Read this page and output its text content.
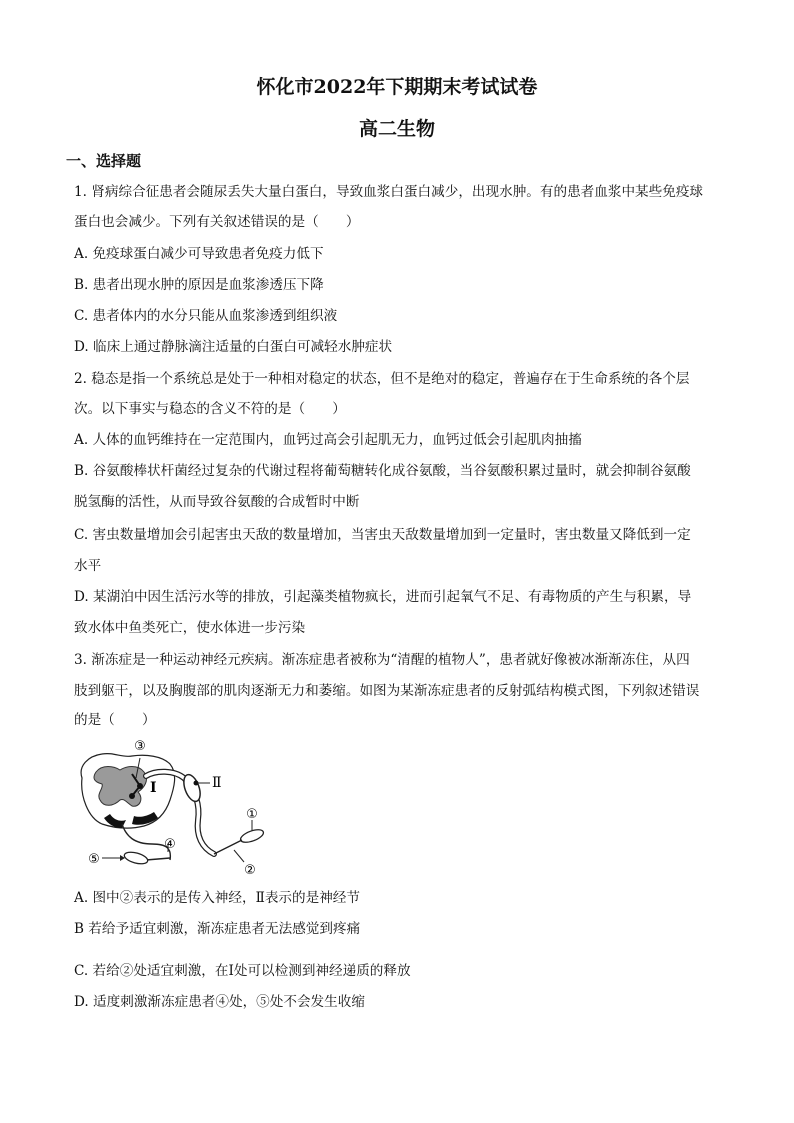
怀化市2022年下期期末考试试卷
高二生物
一、选择题
1. 肾病综合征患者会随尿丢失大量白蛋白，导致血浆白蛋白减少，出现水肿。有的患者血浆中某些免疫球
蛋白也会减少。下列有关叙述错误的是（　　）
A. 免疫球蛋白减少可导致患者免疫力低下
B. 患者出现水肿的原因是血浆渗透压下降
C. 患者体内的水分只能从血浆渗透到组织液
D. 临床上通过静脉滴注适量的白蛋白可减轻水肿症状
2. 稳态是指一个系统总是处于一种相对稳定的状态，但不是绝对的稳定，普遍存在于生命系统的各个层
次。以下事实与稳态的含义不符的是（　　）
A. 人体的血钙维持在一定范围内，血钙过高会引起肌无力，血钙过低会引起肌肉抽搐
B. 谷氨酸棒状杆菌经过复杂的代谢过程将葡萄糖转化成谷氨酸，当谷氨酸积累过量时，就会抑制谷氨酸
脱氢酶的活性，从而导致谷氨酸的合成暂时中断
C. 害虫数量增加会引起害虫天敌的数量增加，当害虫天敌数量增加到一定量时，害虫数量又降低到一定
水平
D. 某湖泊中因生活污水等的排放，引起藻类植物疯长，进而引起氧气不足、有毒物质的产生与积累，导
致水体中鱼类死亡，使水体进一步污染
3. 渐冻症是一种运动神经元疾病。渐冻症患者被称为“清醒的植物人”，患者就好像被冰渐渐冻住，从四
肢到躯干，以及胸腹部的肌肉逐渐无力和萎缩。如图为某渐冻症患者的反射弧结构模式图，下列叙述错误
的是（　　）
③
Ⅰ	Ⅱ
①
②
④
⑤
A. 图中②表示的是传入神经，Ⅱ表示的是神经节
B 若给予适宜刺激，渐冻症患者无法感觉到疼痛
C. 若给②处适宜刺激，在Ⅰ处可以检测到神经递质的释放
D. 适度刺激渐冻症患者④处，⑤处不会发生收缩
